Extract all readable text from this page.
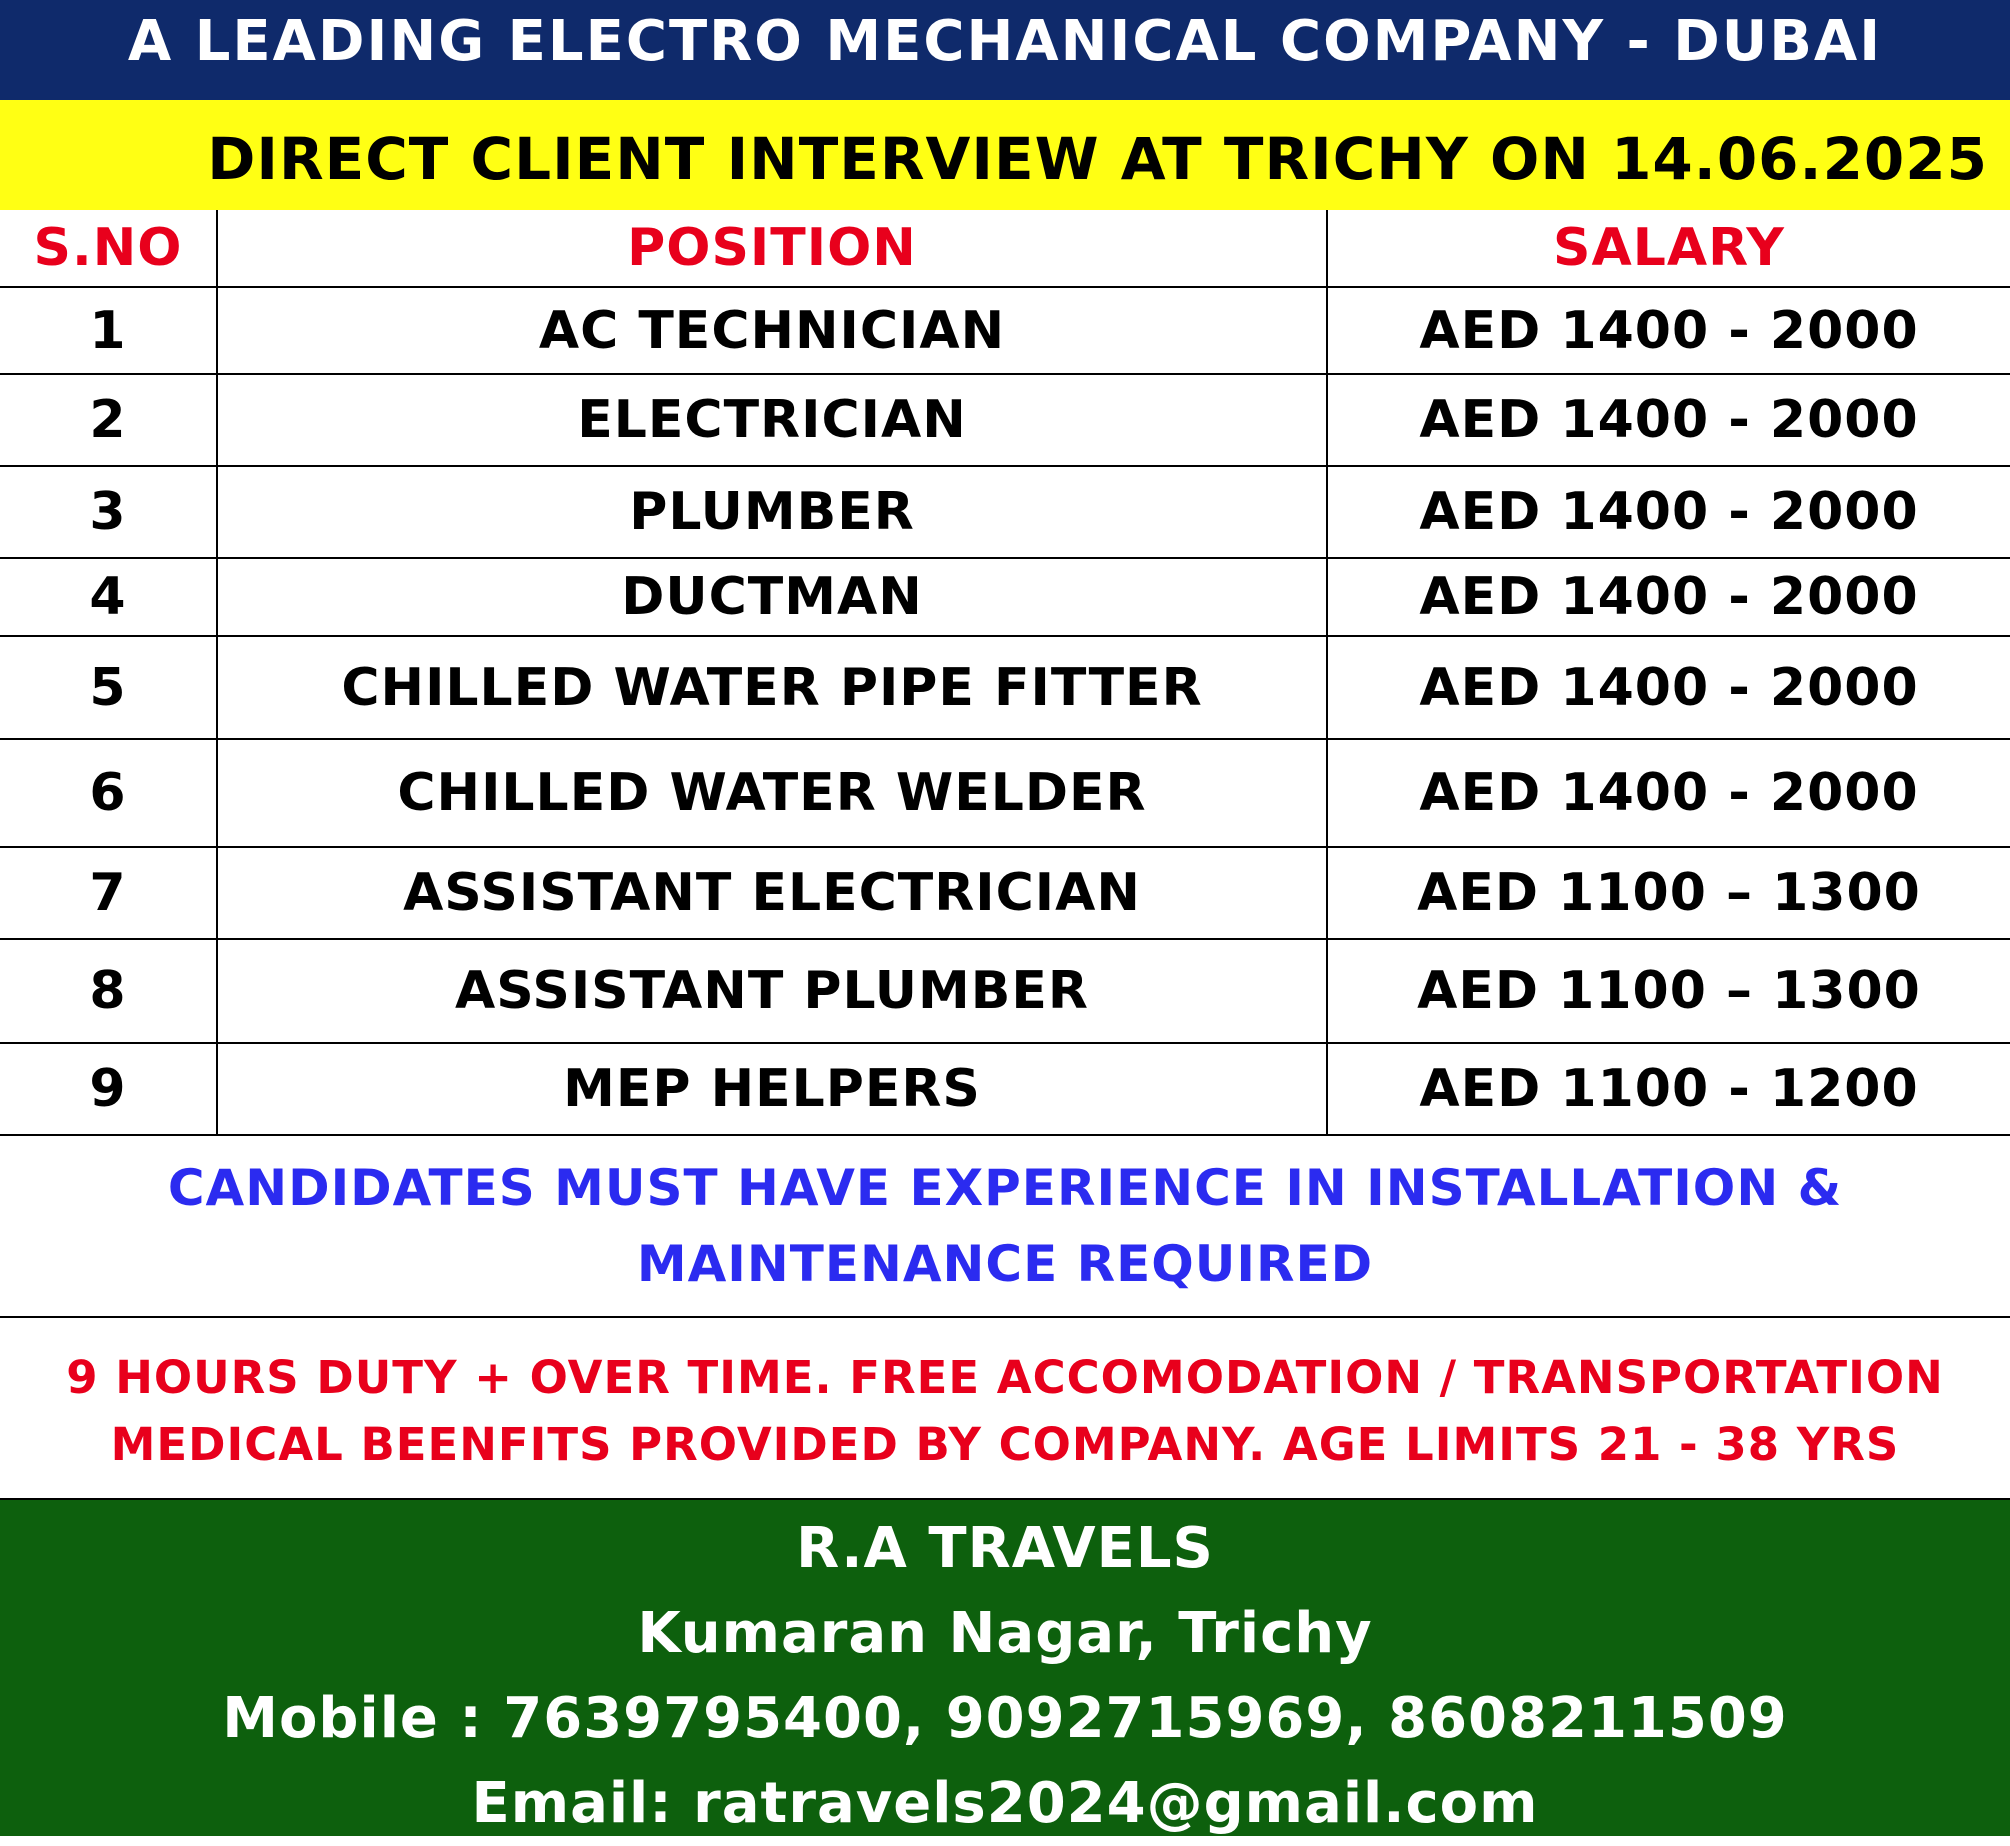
A LEADING ELECTRO MECHANICAL COMPANY - DUBAI
DIRECT CLIENT INTERVIEW AT TRICHY ON 14.06.2025
S.NO	POSITION	SALARY
1	AC TECHNICIAN	AED 1400 - 2000
2	ELECTRICIAN	AED 1400 - 2000
3	PLUMBER	AED 1400 - 2000
4	DUCTMAN	AED 1400 - 2000
5	CHILLED WATER PIPE FITTER	AED 1400 - 2000
6	CHILLED WATER WELDER	AED 1400 - 2000
7	ASSISTANT ELECTRICIAN	AED 1100 – 1300
8	ASSISTANT PLUMBER	AED 1100 – 1300
9	MEP HELPERS	AED 1100 - 1200

CANDIDATES MUST HAVE EXPERIENCE IN INSTALLATION &

MAINTENANCE REQUIRED

9 HOURS DUTY + OVER TIME. FREE ACCOMODATION / TRANSPORTATION

MEDICAL BEENFITS PROVIDED BY COMPANY. AGE LIMITS 21 - 38 YRS

R.A TRAVELS

Kumaran Nagar, Trichy

Mobile : 7639795400, 9092715969, 8608211509

Email: ratravels2024@gmail.com
